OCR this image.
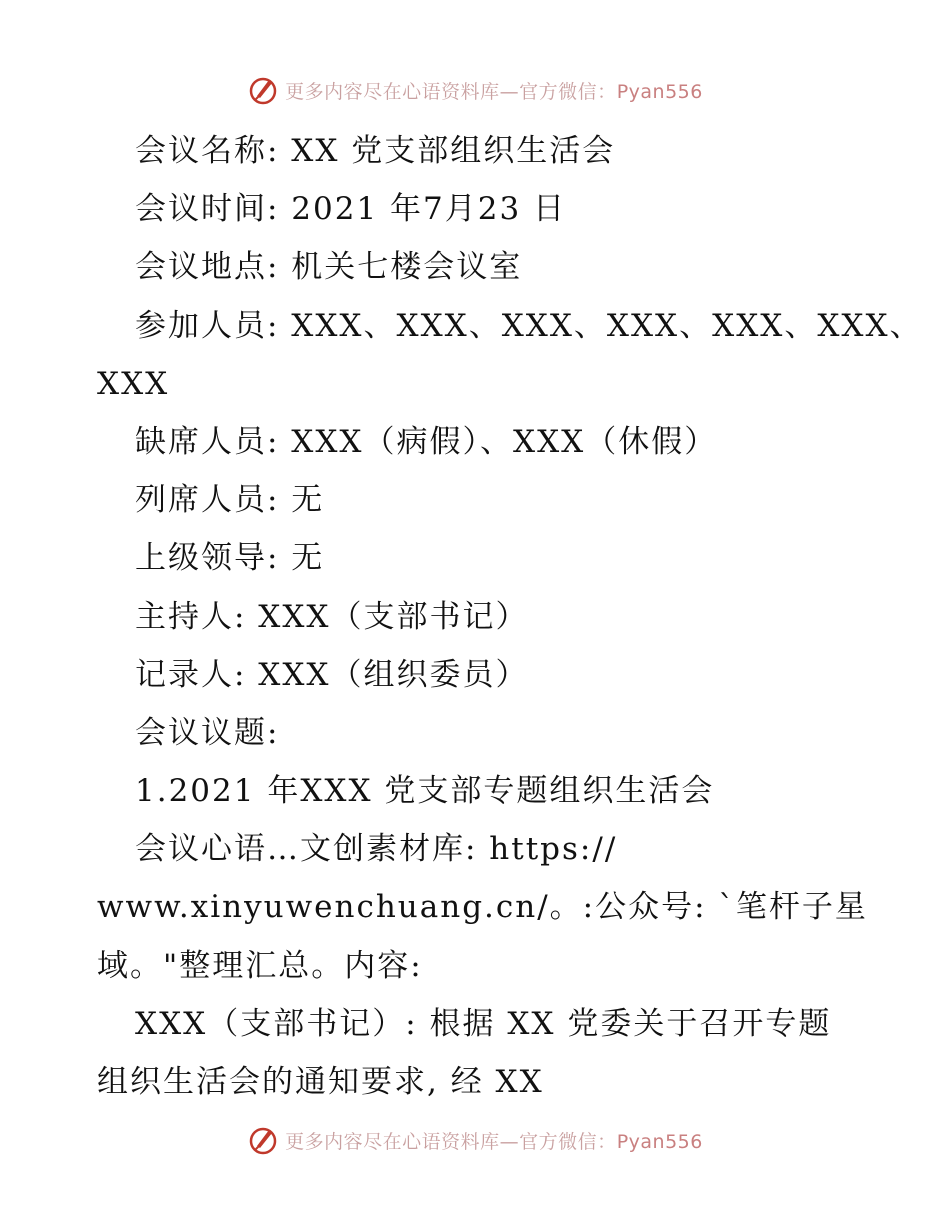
更多内容尽在心语资料库—官方微信：Pyan556
会议名称: XX 党支部组织生活会
会议时间: 2021 年7月23 日
会议地点: 机关七楼会议室
参加人员: XXX、XXX、XXX、XXX、XXX、XXX、
XXX
缺席人员: XXX（病假）、XXX（休假）
列席人员: 无
上级领导: 无
主持人: XXX（支部书记）
记录人: XXX（组织委员）
会议议题:
1.2021 年XXX 党支部专题组织生活会
会议心语…文创素材库: https://
www.xinyuwenchuang.cn/。:公众号: `笔杆子星
域。"整理汇总。内容:
XXX（支部书记）: 根据 XX 党委关于召开专题
组织生活会的通知要求, 经 XX
更多内容尽在心语资料库—官方微信：Pyan556
